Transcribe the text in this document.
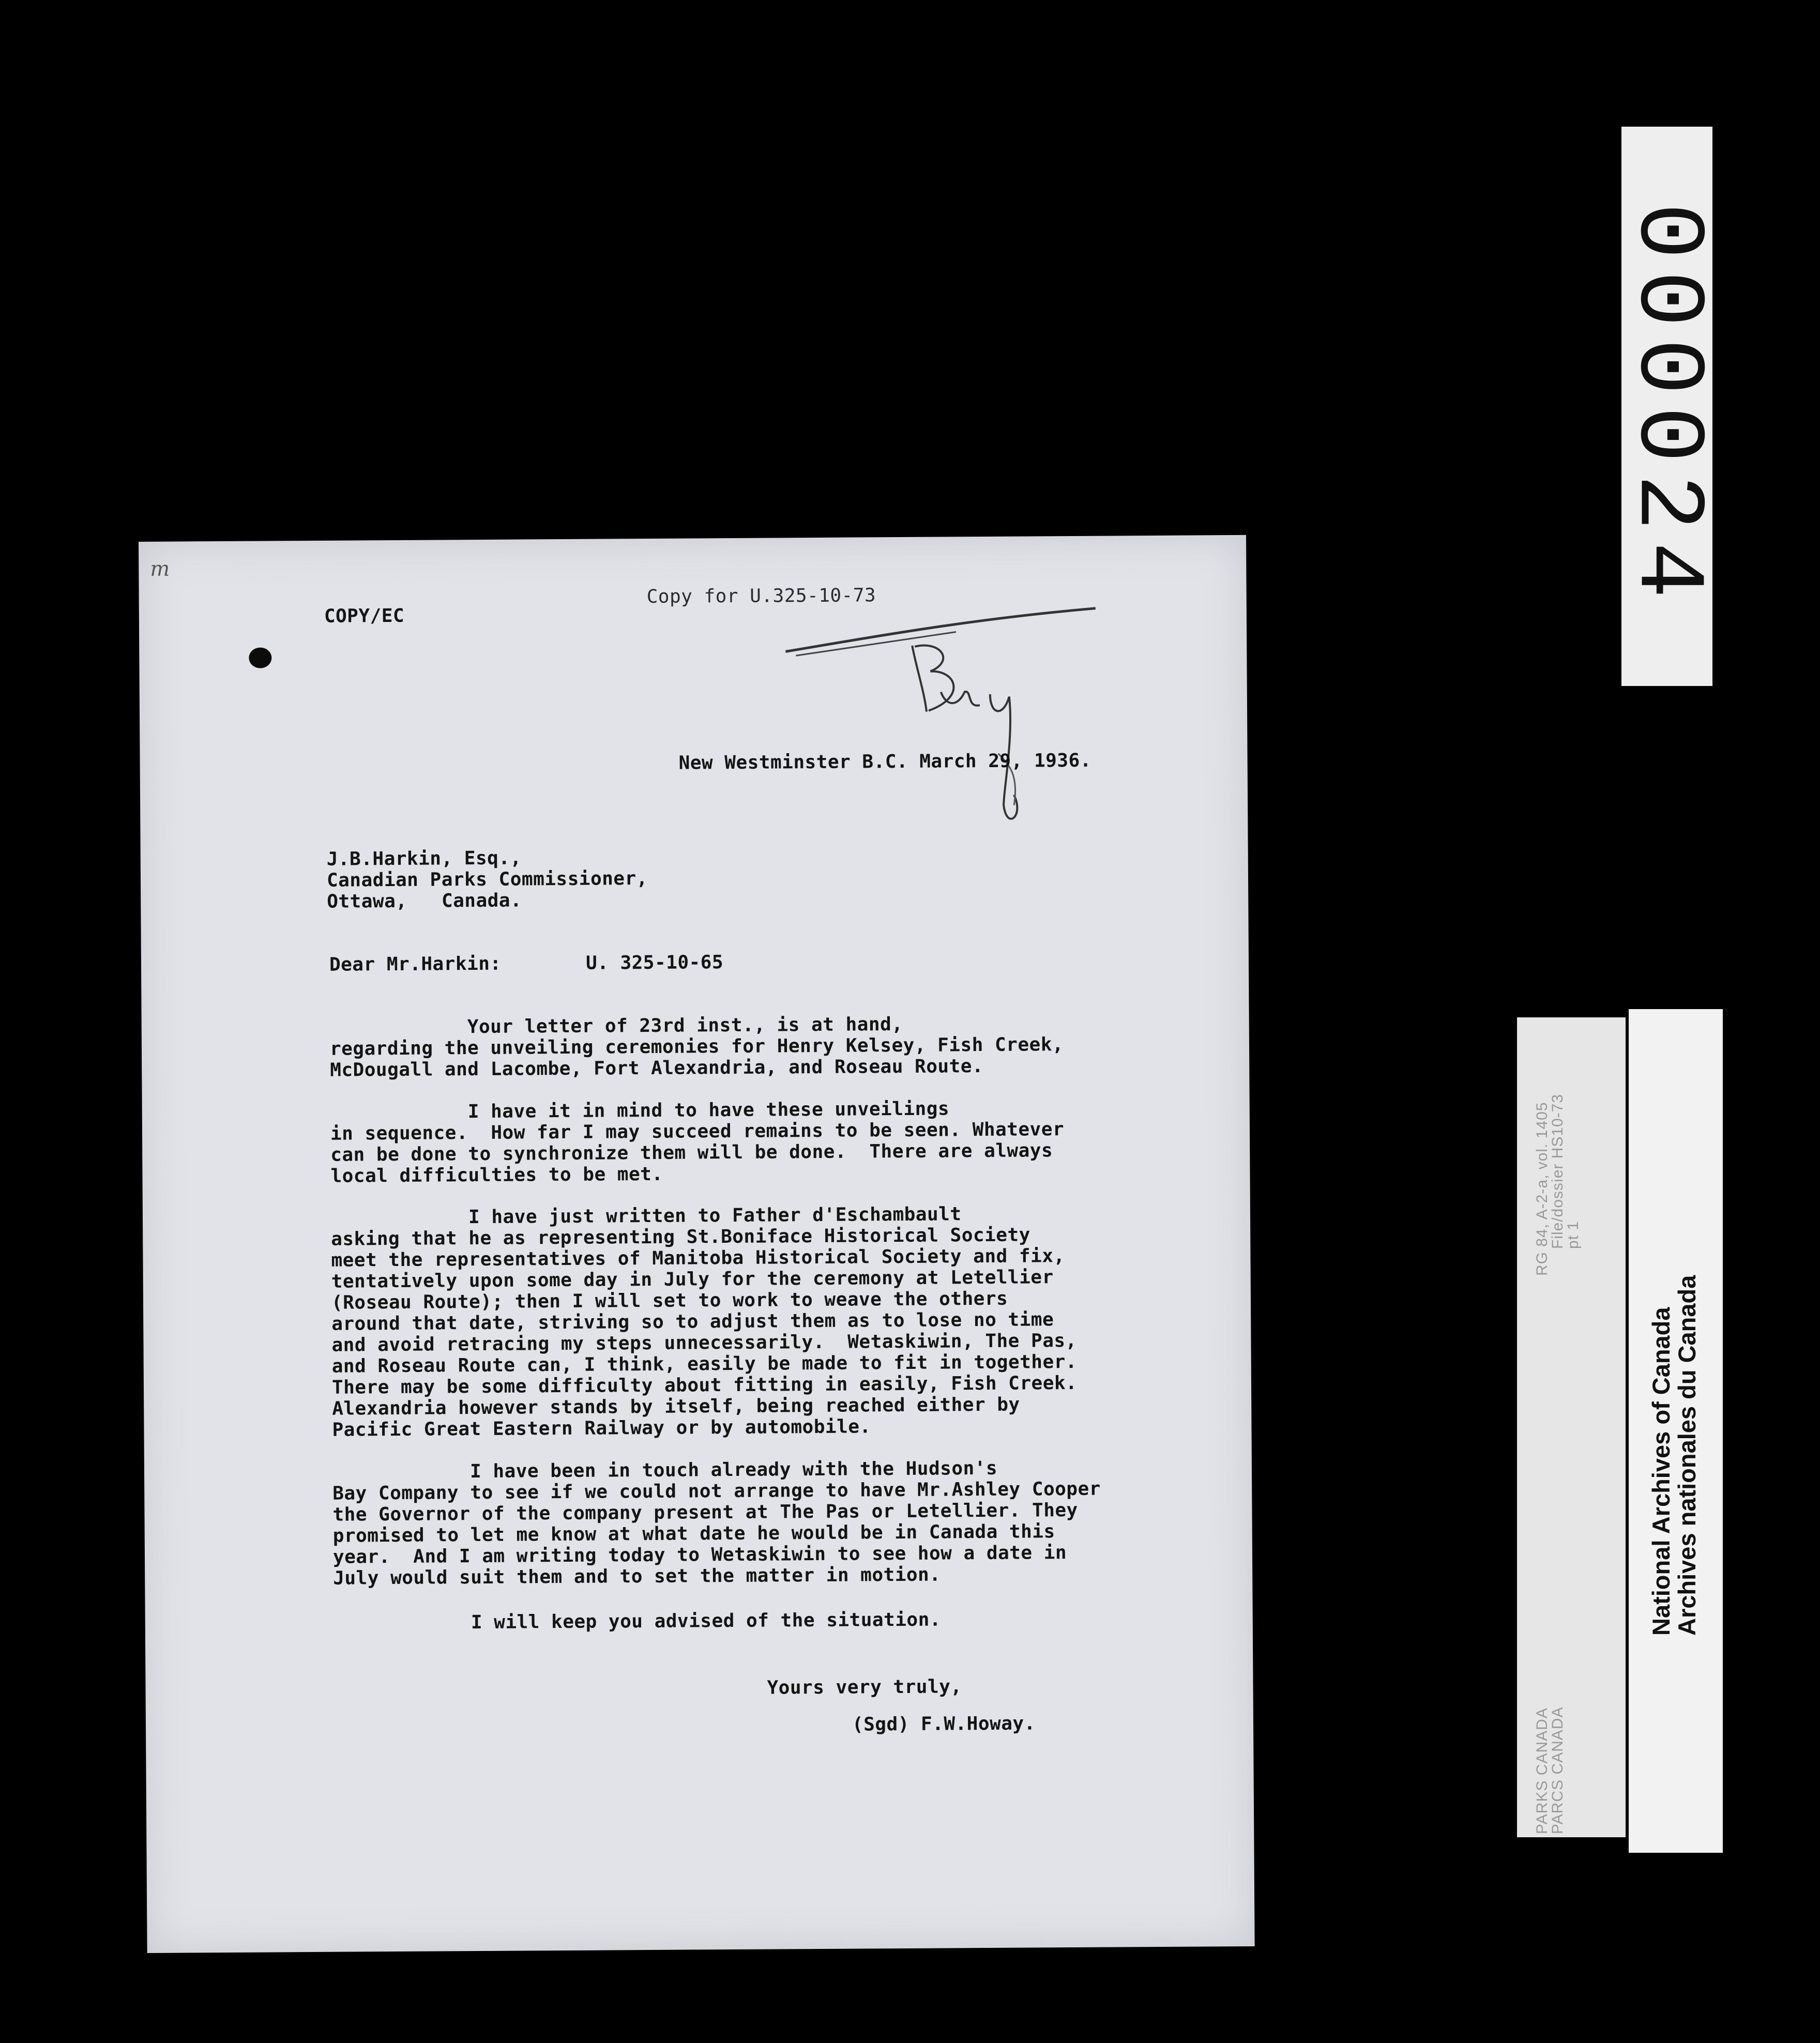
m
COPY/EC
Copy for U.325-10-73
New Westminster B.C. March 29, 1936.
J.B.Harkin, Esq.,
Canadian Parks Commissioner,
Ottawa,   Canada.
Dear Mr.Harkin:	U. 325-10-65
Your letter of 23rd inst., is at hand,
regarding the unveiling ceremonies for Henry Kelsey, Fish Creek,
McDougall and Lacombe, Fort Alexandria, and Roseau Route.
I have it in mind to have these unveilings
in sequence.  How far I may succeed remains to be seen. Whatever
can be done to synchronize them will be done.  There are always
local difficulties to be met.
I have just written to Father d'Eschambault
asking that he as representing St.Boniface Historical Society
meet the representatives of Manitoba Historical Society and fix,
tentatively upon some day in July for the ceremony at Letellier
(Roseau Route); then I will set to work to weave the others
around that date, striving so to adjust them as to lose no time
and avoid retracing my steps unnecessarily.  Wetaskiwin, The Pas,
and Roseau Route can, I think, easily be made to fit in together.
There may be some difficulty about fitting in easily, Fish Creek.
Alexandria however stands by itself, being reached either by
Pacific Great Eastern Railway or by automobile.
I have been in touch already with the Hudson's
Bay Company to see if we could not arrange to have Mr.Ashley Cooper
the Governor of the company present at The Pas or Letellier. They
promised to let me know at what date he would be in Canada this
year.  And I am writing today to Wetaskiwin to see how a date in
July would suit them and to set the matter in motion.
I will keep you advised of the situation.
Yours very truly,
(Sgd) F.W.Howay.
000024
RG 84, A-2-a, vol. 1405
File/dossier HS10-73
pt 1
PARKS CANADA
PARCS CANADA
National Archives of Canada
Archives nationales du Canada
